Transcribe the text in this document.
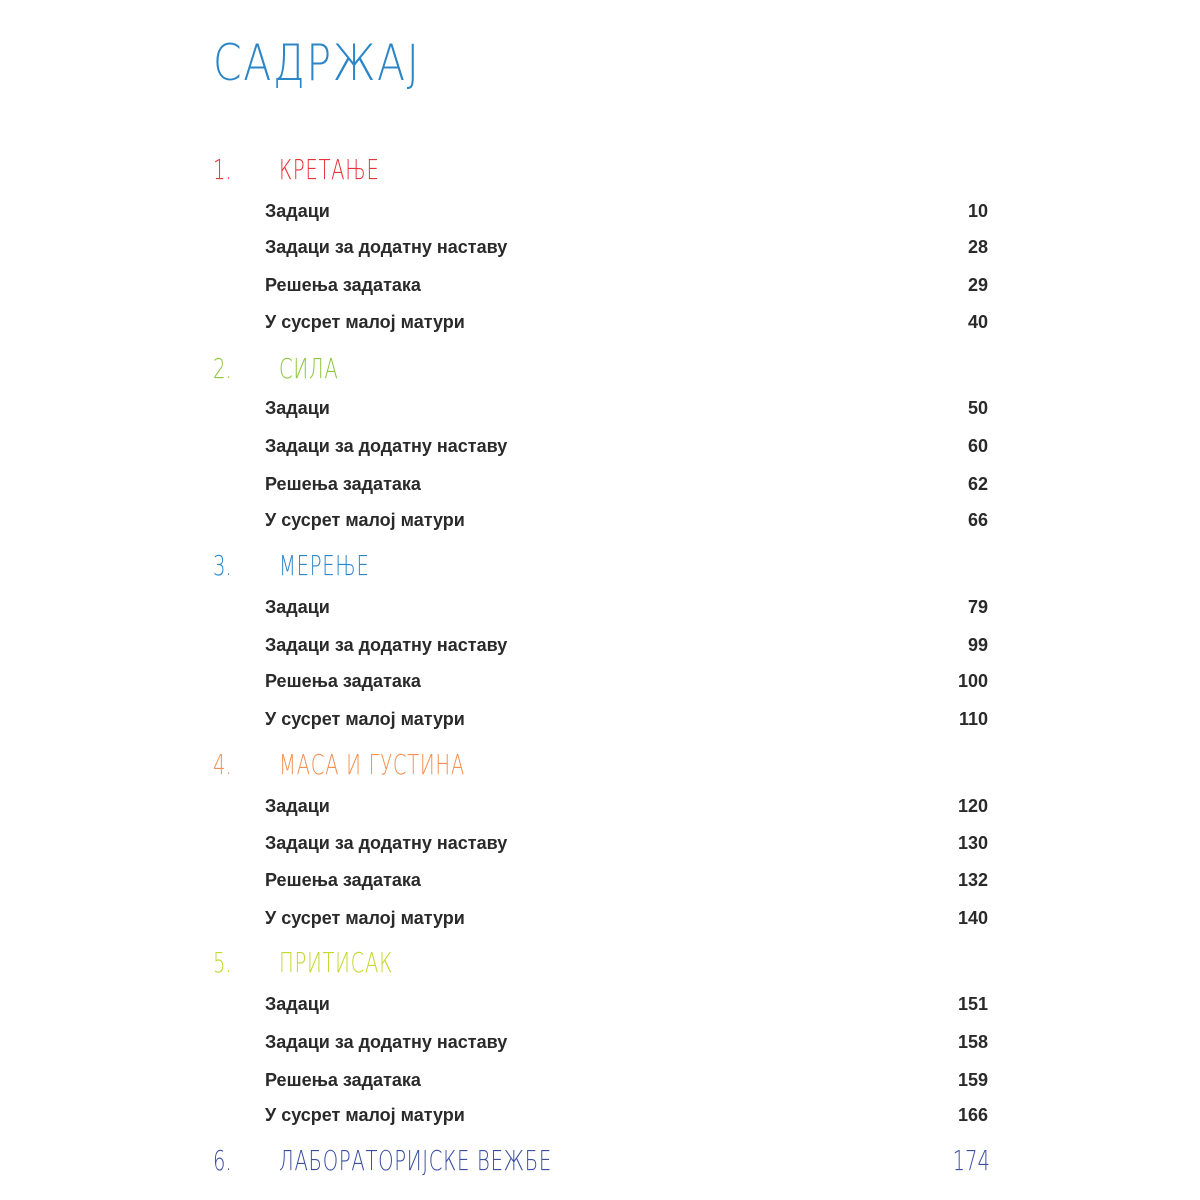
САДРЖАЈ
1. КРЕТАЊЕ
Задаци	10
Задаци за додатну наставу	28
Решења задатака	29
У сусрет малој матури	40
2. СИЛА
Задаци	50
Задаци за додатну наставу	60
Решења задатака	62
У сусрет малој матури	66
3. МЕРЕЊЕ
Задаци	79
Задаци за додатну наставу	99
Решења задатака	100
У сусрет малој матури	110
4. МАСА И ГУСТИНА
Задаци	120
Задаци за додатну наставу	130
Решења задатака	132
У сусрет малој матури	140
5. ПРИТИСАК
Задаци	151
Задаци за додатну наставу	158
Решења задатака	159
У сусрет малој матури	166
6. ЛАБОРАТОРИЈСКЕ ВЕЖБЕ	174
